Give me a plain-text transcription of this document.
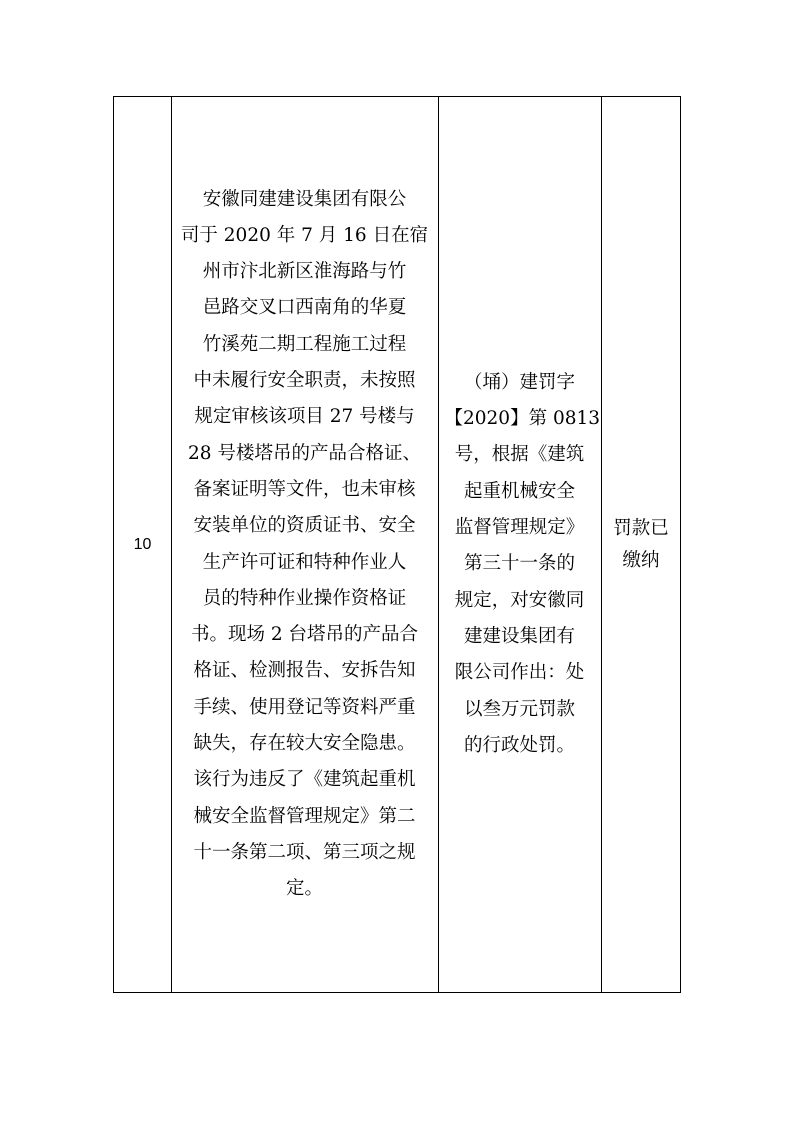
10
安徽同建建设集团有限公
司于 2020 年 7 月 16 日在宿
州市汴北新区淮海路与竹
邑路交叉口西南角的华夏
竹溪苑二期工程施工过程
中未履行安全职责，未按照
规定审核该项目 27 号楼与
28 号楼塔吊的产品合格证、
备案证明等文件，也未审核
安装单位的资质证书、安全
生产许可证和特种作业人
员的特种作业操作资格证
书。现场 2 台塔吊的产品合
格证、检测报告、安拆告知
手续、使用登记等资料严重
缺失，存在较大安全隐患。
该行为违反了《建筑起重机
械安全监督管理规定》第二
十一条第二项、第三项之规
定。
（埇）建罚字
【2020】第 0813
号，根据《建筑
起重机械安全
监督管理规定》
第三十一条的
规定，对安徽同
建建设集团有
限公司作出：处
以叁万元罚款
的行政处罚。
罚款已
缴纳
